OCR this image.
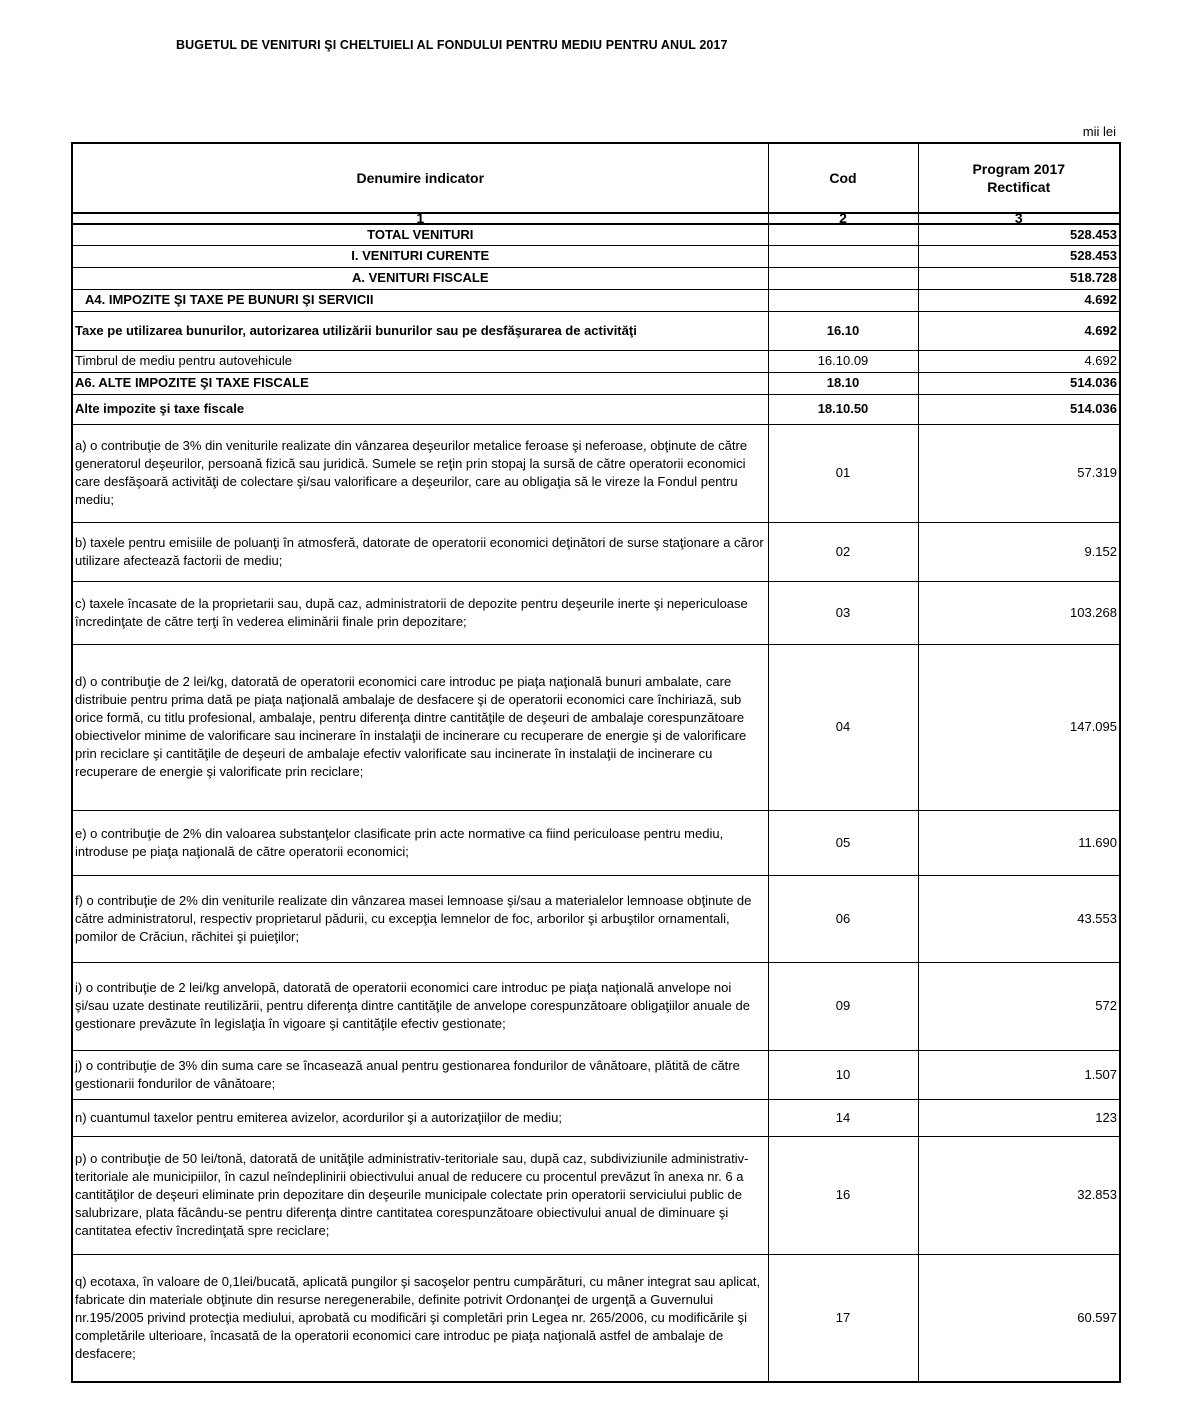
BUGETUL DE VENITURI ŞI CHELTUIELI AL FONDULUI PENTRU MEDIU PENTRU ANUL 2017
mii lei
Denumire indicator	Cod	Program 2017
Rectificat
1	2	3
TOTAL VENITURI		528.453
I. VENITURI CURENTE		528.453
A. VENITURI FISCALE		518.728
A4. IMPOZITE ŞI TAXE PE BUNURI ŞI SERVICII		4.692
Taxe pe utilizarea bunurilor, autorizarea utilizării bunurilor sau pe desfăşurarea de activităţi	16.10	4.692
Timbrul de mediu pentru autovehicule	16.10.09	4.692
A6. ALTE IMPOZITE ŞI TAXE FISCALE	18.10	514.036
Alte impozite şi taxe fiscale	18.10.50	514.036
a) o contribuţie de 3% din veniturile realizate din vânzarea deşeurilor metalice feroase şi neferoase, obţinute de către generatorul deşeurilor, persoană fizică sau juridică. Sumele se reţin prin stopaj la sursă de către operatorii economici care desfăşoară activităţi de colectare şi/sau valorificare a deşeurilor, care au obligaţia să le vireze la Fondul pentru mediu;	01	57.319
b) taxele pentru emisiile de poluanţi în atmosferă, datorate de operatorii economici deţinători de surse staţionare a căror utilizare afectează factorii de mediu;	02	9.152
c) taxele încasate de la proprietarii sau, după caz, administratorii de depozite pentru deşeurile inerte şi nepericuloase încredinţate de către terţi în vederea eliminării finale prin depozitare;	03	103.268
d) o contribuţie de 2 lei/kg, datorată de operatorii economici care introduc pe piaţa naţională bunuri ambalate, care distribuie pentru prima dată pe piaţa naţională ambalaje de desfacere şi de operatorii economici care închiriază, sub orice formă, cu titlu profesional, ambalaje, pentru diferenţa dintre cantităţile de deşeuri de ambalaje corespunzătoare obiectivelor minime de valorificare sau incinerare în instalaţii de incinerare cu recuperare de energie şi de valorificare prin reciclare şi cantităţile de deşeuri de ambalaje efectiv valorificate sau incinerate în instalaţii de incinerare cu recuperare de energie şi valorificate prin reciclare;	04	147.095
e) o contribuţie de 2% din valoarea substanţelor clasificate prin acte normative ca fiind periculoase pentru mediu, introduse pe piaţa naţională de către operatorii economici;	05	11.690
f) o contribuţie de 2% din veniturile realizate din vânzarea masei lemnoase şi/sau a materialelor lemnoase obţinute de către administratorul, respectiv proprietarul pădurii, cu excepţia lemnelor de foc, arborilor şi arbuştilor ornamentali, pomilor de Crăciun, răchitei şi puieţilor;	06	43.553
i) o contribuţie de 2 lei/kg anvelopă, datorată de operatorii economici care introduc pe piaţa naţională anvelope noi şi/sau uzate destinate reutilizării, pentru diferenţa dintre cantităţile de anvelope corespunzătoare obligaţiilor anuale de gestionare prevăzute în legislaţia în vigoare şi cantităţile efectiv gestionate;	09	572
j) o contribuţie de 3% din suma care se încasează anual pentru gestionarea fondurilor de vânătoare, plătită de către gestionarii fondurilor de vânătoare;	10	1.507
n) cuantumul taxelor pentru emiterea avizelor, acordurilor şi a autorizaţiilor de mediu;	14	123
p) o contribuţie de 50 lei/tonă, datorată de unităţile administrativ-teritoriale sau, după caz, subdiviziunile administrativ-teritoriale ale municipiilor, în cazul neîndeplinirii obiectivului anual de reducere cu procentul prevăzut în anexa nr. 6 a cantităţilor de deşeuri eliminate prin depozitare din deşeurile municipale colectate prin operatorii serviciului public de salubrizare, plata făcându-se pentru diferenţa dintre cantitatea corespunzătoare obiectivului anual de diminuare şi cantitatea efectiv încredinţată spre reciclare;	16	32.853
q) ecotaxa, în valoare de 0,1lei/bucată, aplicată pungilor şi sacoşelor pentru cumpărături, cu mâner integrat sau aplicat, fabricate din materiale obţinute din resurse neregenerabile, definite potrivit Ordonanţei de urgenţă a Guvernului nr.195/2005 privind protecţia mediului, aprobată cu modificări şi completări prin Legea nr. 265/2006, cu modificările şi completările ulterioare, încasată de la operatorii economici care introduc pe piaţa naţională astfel de ambalaje de desfacere;	17	60.597
